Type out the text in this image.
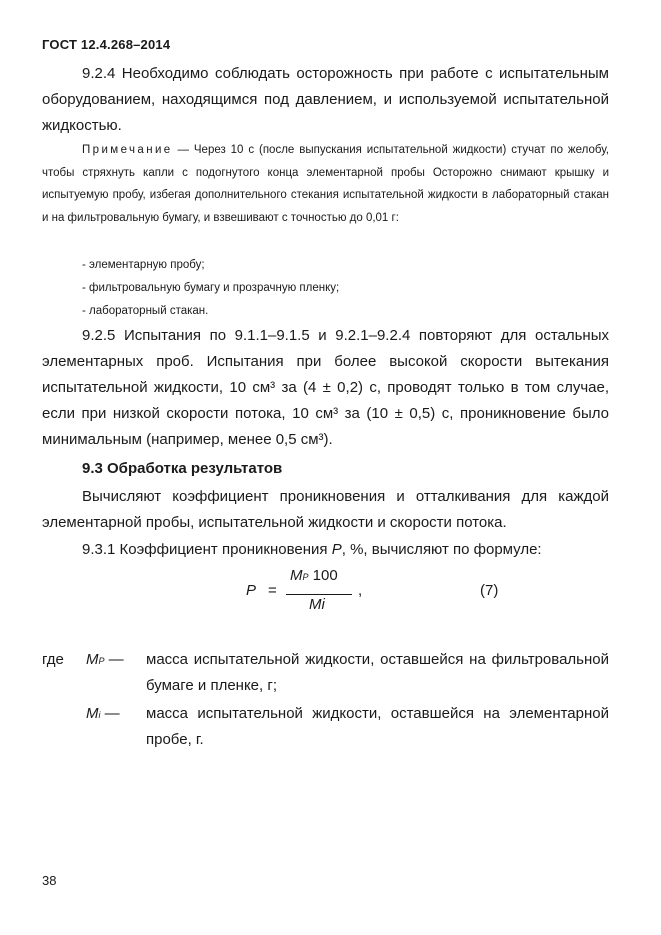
ГОСТ 12.4.268–2014

9.2.4 Необходимо соблюдать осторожность при работе с испытательным оборудованием, находящимся под давлением, и используемой испытательной жидкостью.

Примечание — Через 10 с (после выпускания испытательной жидкости) стучат по желобу, чтобы стряхнуть капли с подогнутого конца элементарной пробы Осторожно снимают крышку и испытуемую пробу, избегая дополнительного стекания испытательной жидкости в лабораторный стакан и на фильтровальную бумагу, и взвешивают с точностью до 0,01 г:

- элементарную пробу;
- фильтровальную бумагу и прозрачную пленку;
- лабораторный стакан.

9.2.5 Испытания по 9.1.1–9.1.5 и 9.2.1–9.2.4 повторяют для остальных элементарных проб. Испытания при более высокой скорости вытекания испытательной жидкости, 10 см³ за (4 ± 0,2) с, проводят только в том случае, если при низкой скорости потока, 10 см³ за (10 ± 0,5) с, проникновение было минимальным (например, менее 0,5 см³).

9.3 Обработка результатов

Вычисляют коэффициент проникновения и отталкивания для каждой элементарной пробы, испытательной жидкости и скорости потока.

9.3.1 Коэффициент проникновения P, %, вычисляют по формуле:

P =
MP 100
Mi
,	(7)
где MP — масса испытательной жидкости, оставшейся на фильтровальной бумаге и пленке, г;

Mi — масса испытательной жидкости, оставшейся на элементарной пробе, г.

38
